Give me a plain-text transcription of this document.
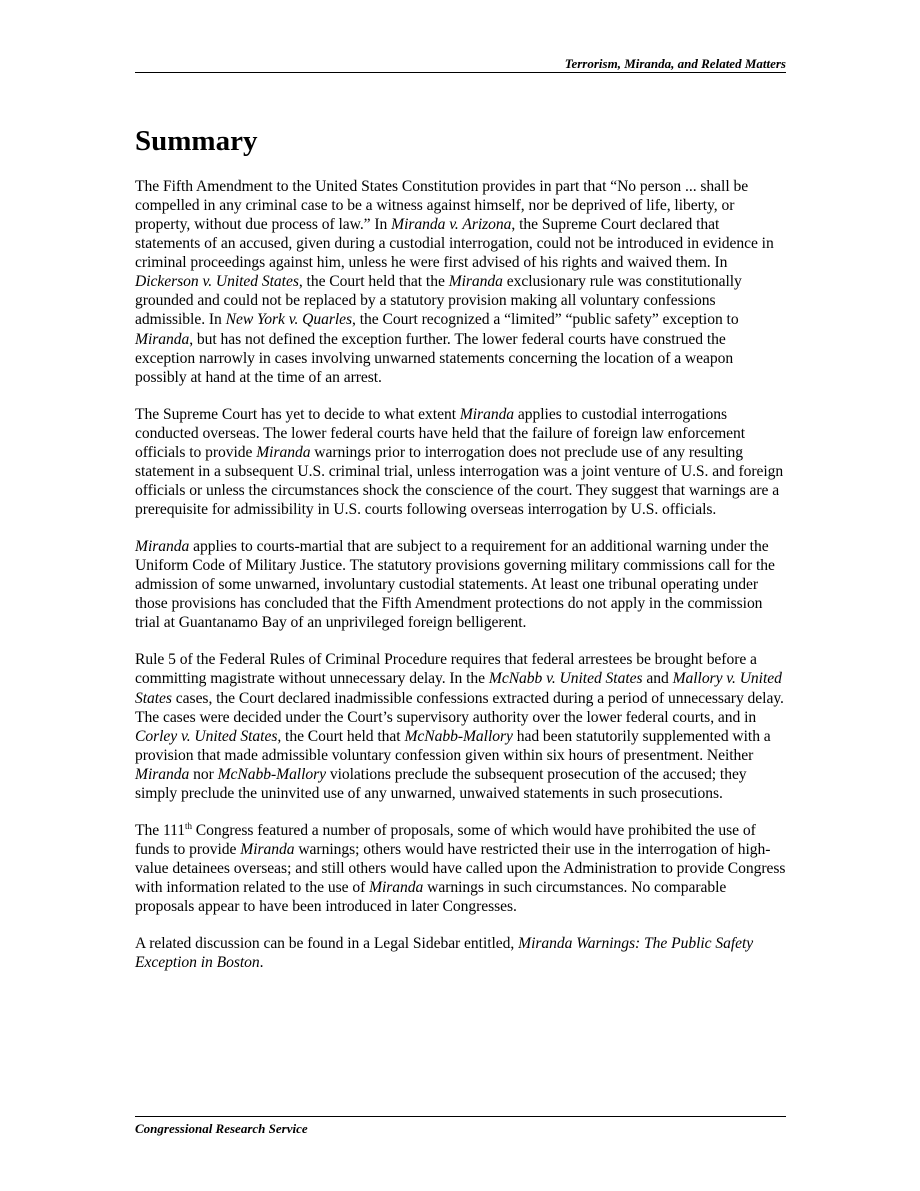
Terrorism, Miranda, and Related Matters
Summary

The Fifth Amendment to the United States Constitution provides in part that “No person ... shall be compelled in any criminal case to be a witness against himself, nor be deprived of life, liberty, or property, without due process of law.” In Miranda v. Arizona, the Supreme Court declared that statements of an accused, given during a custodial interrogation, could not be introduced in evidence in criminal proceedings against him, unless he were first advised of his rights and waived them. In Dickerson v. United States, the Court held that the Miranda exclusionary rule was constitutionally grounded and could not be replaced by a statutory provision making all voluntary confessions admissible. In New York v. Quarles, the Court recognized a “limited” “public safety” exception to Miranda, but has not defined the exception further. The lower federal courts have construed the exception narrowly in cases involving unwarned statements concerning the location of a weapon possibly at hand at the time of an arrest.

The Supreme Court has yet to decide to what extent Miranda applies to custodial interrogations conducted overseas. The lower federal courts have held that the failure of foreign law enforcement officials to provide Miranda warnings prior to interrogation does not preclude use of any resulting statement in a subsequent U.S. criminal trial, unless interrogation was a joint venture of U.S. and foreign officials or unless the circumstances shock the conscience of the court. They suggest that warnings are a prerequisite for admissibility in U.S. courts following overseas interrogation by U.S. officials.

Miranda applies to courts-martial that are subject to a requirement for an additional warning under the Uniform Code of Military Justice. The statutory provisions governing military commissions call for the admission of some unwarned, involuntary custodial statements. At least one tribunal operating under those provisions has concluded that the Fifth Amendment protections do not apply in the commission trial at Guantanamo Bay of an unprivileged foreign belligerent.

Rule 5 of the Federal Rules of Criminal Procedure requires that federal arrestees be brought before a committing magistrate without unnecessary delay. In the McNabb v. United States and Mallory v. United States cases, the Court declared inadmissible confessions extracted during a period of unnecessary delay. The cases were decided under the Court’s supervisory authority over the lower federal courts, and in Corley v. United States, the Court held that McNabb-Mallory had been statutorily supplemented with a provision that made admissible voluntary confession given within six hours of presentment. Neither Miranda nor McNabb-Mallory violations preclude the subsequent prosecution of the accused; they simply preclude the uninvited use of any unwarned, unwaived statements in such prosecutions.

The 111th Congress featured a number of proposals, some of which would have prohibited the use of funds to provide Miranda warnings; others would have restricted their use in the interrogation of high-value detainees overseas; and still others would have called upon the Administration to provide Congress with information related to the use of Miranda warnings in such circumstances. No comparable proposals appear to have been introduced in later Congresses.

A related discussion can be found in a Legal Sidebar entitled, Miranda Warnings: The Public Safety Exception in Boston.

Congressional Research Service
